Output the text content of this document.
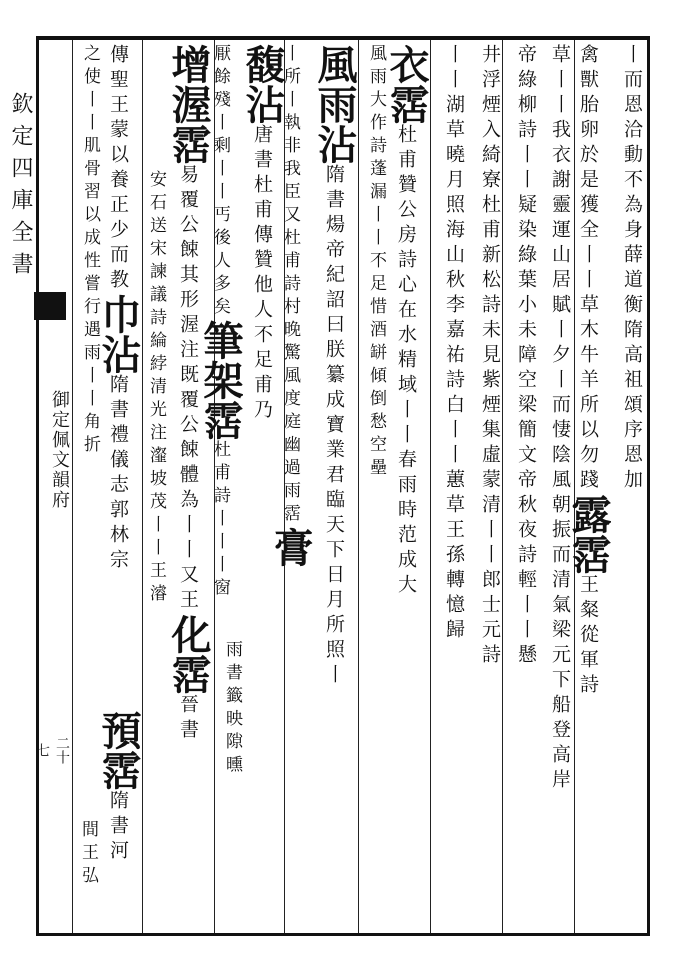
欽定四庫全書
御定佩文韻府
二十七
丨而恩洽動不為身薛道衡隋高祖頌序恩加
禽獸胎卵於是獲全丨丨草木牛羊所以勿踐露霑王粲從軍詩
草丨丨我衣謝靈運山居賦丨夕丨而悽陰風朝振而清氣梁元下船登高岸
帝綠柳詩丨丨疑染綠葉小未障空梁簡文帝秋夜詩輕丨丨懸
井浮煙入綺寮杜甫新松詩未見紫煙集虛蒙清丨丨郎士元詩
丨丨湖草曉月照海山秋李嘉祐詩白丨丨蕙草王孫轉憶歸
衣霑杜甫贊公房詩心在水精域丨丨春雨時范成大
風雨大作詩蓬漏丨丨不足惜酒缾傾倒愁空壘
風雨沾隋書煬帝紀詔曰朕纂成寶業君臨天下日月所照丨
丨所丨執非我臣又杜甫詩村晚驚風度庭幽過雨霑膏
馥沾唐書杜甫傳贊他人不足甫乃
厭餘殘丨剩丨丨丐後人多矣筆架霑杜甫詩丨丨丨窗
雨書籤映隙曛
增渥霑易覆公餗其形渥注既覆公餗體為丨丨又王化霑晉書
安石送宋諫議詩綸綍清光注瀣坡茂丨丨王濬
傳聖王蒙以養正少而教巾沾隋書禮儀志郭林宗
之使丨丨肌骨習以成性嘗行遇雨丨丨角折
預霑隋書河
間王弘
